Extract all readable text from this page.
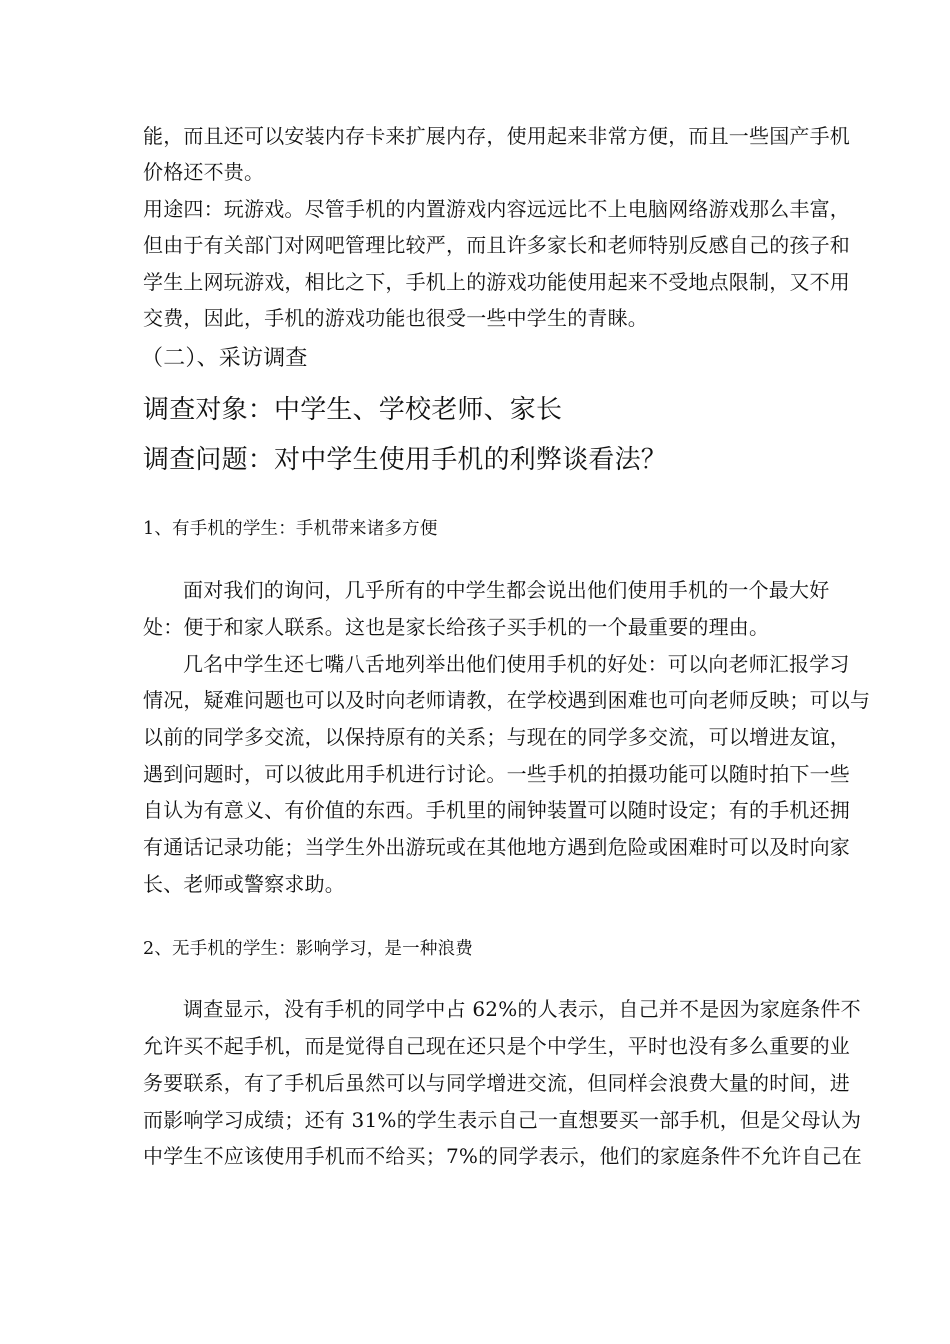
能，而且还可以安装内存卡来扩展内存，使用起来非常方便，而且一些国产手机
价格还不贵。
用途四：玩游戏。尽管手机的内置游戏内容远远比不上电脑网络游戏那么丰富，
但由于有关部门对网吧管理比较严，而且许多家长和老师特别反感自己的孩子和
学生上网玩游戏，相比之下，手机上的游戏功能使用起来不受地点限制，又不用
交费，因此，手机的游戏功能也很受一些中学生的青睐。
（二）、采访调查
调查对象：中学生、学校老师、家长
调查问题：对中学生使用手机的利弊谈看法？
1、有手机的学生：手机带来诸多方便
面对我们的询问，几乎所有的中学生都会说出他们使用手机的一个最大好
处：便于和家人联系。这也是家长给孩子买手机的一个最重要的理由。
几名中学生还七嘴八舌地列举出他们使用手机的好处：可以向老师汇报学习
情况，疑难问题也可以及时向老师请教，在学校遇到困难也可向老师反映；可以与
以前的同学多交流，以保持原有的关系；与现在的同学多交流，可以增进友谊，
遇到问题时，可以彼此用手机进行讨论。一些手机的拍摄功能可以随时拍下一些
自认为有意义、有价值的东西。手机里的闹钟装置可以随时设定；有的手机还拥
有通话记录功能；当学生外出游玩或在其他地方遇到危险或困难时可以及时向家
长、老师或警察求助。
2、无手机的学生：影响学习，是一种浪费
调查显示，没有手机的同学中占 62%的人表示，自己并不是因为家庭条件不
允许买不起手机，而是觉得自己现在还只是个中学生，平时也没有多么重要的业
务要联系，有了手机后虽然可以与同学增进交流，但同样会浪费大量的时间，进
而影响学习成绩；还有 31%的学生表示自己一直想要买一部手机，但是父母认为
中学生不应该使用手机而不给买；7%的同学表示，他们的家庭条件不允许自己在
